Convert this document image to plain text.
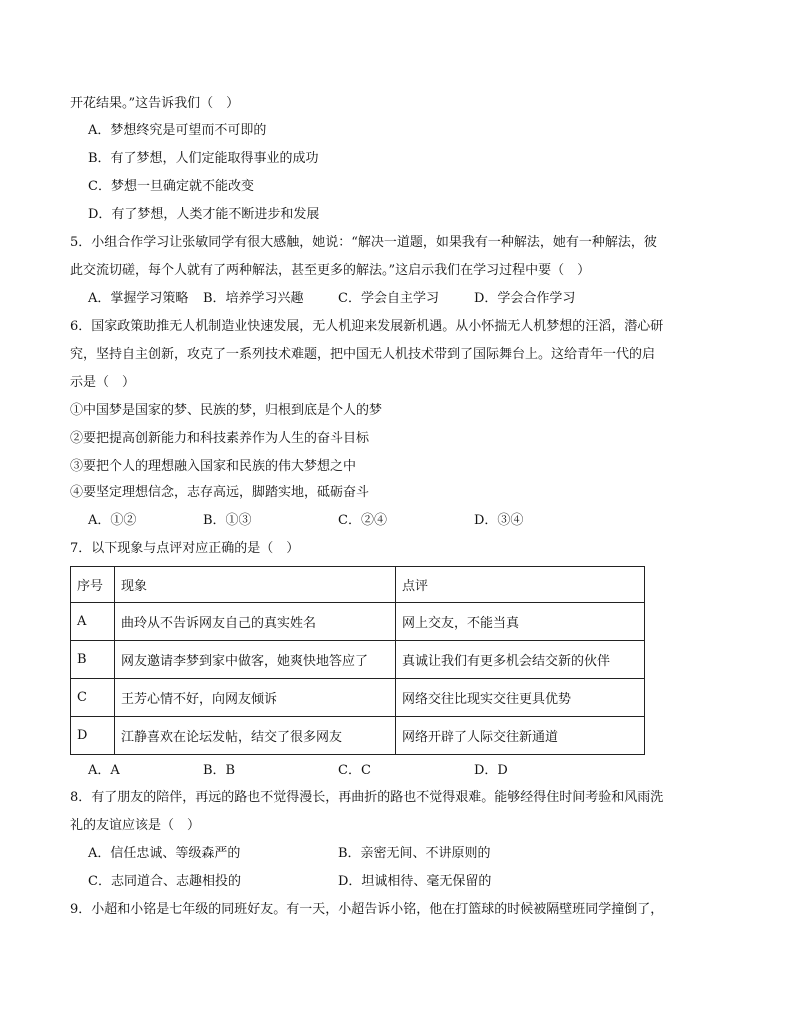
开花结果。”这告诉我们（　）
A．梦想终究是可望而不可即的
B．有了梦想，人们定能取得事业的成功
C．梦想一旦确定就不能改变
D．有了梦想，人类才能不断进步和发展
5．小组合作学习让张敏同学有很大感触，她说：“解决一道题，如果我有一种解法，她有一种解法，彼
此交流切磋，每个人就有了两种解法，甚至更多的解法。”这启示我们在学习过程中要（　）
A．掌握学习策略 B．培养学习兴趣	C．学会自主学习	D．学会合作学习
6．国家政策助推无人机制造业快速发展，无人机迎来发展新机遇。从小怀揣无人机梦想的汪滔，潜心研
究，坚持自主创新，攻克了一系列技术难题，把中国无人机技术带到了国际舞台上。这给青年一代的启
示是（　）
①中国梦是国家的梦、民族的梦，归根到底是个人的梦
②要把提高创新能力和科技素养作为人生的奋斗目标
③要把个人的理想融入国家和民族的伟大梦想之中
④要坚定理想信念，志存高远，脚踏实地，砥砺奋斗
A．①②	B．①③	C．②④	D．③④
7．以下现象与点评对应正确的是（　）
序号	现象	点评
A	曲玲从不告诉网友自己的真实姓名	网上交友，不能当真
B	网友邀请李梦到家中做客，她爽快地答应了	真诚让我们有更多机会结交新的伙伴
C	王芳心情不好，向网友倾诉	网络交往比现实交往更具优势
D	江静喜欢在论坛发帖，结交了很多网友	网络开辟了人际交往新通道
A．A	B．B	C．C	D．D
8．有了朋友的陪伴，再远的路也不觉得漫长，再曲折的路也不觉得艰难。能够经得住时间考验和风雨洗
礼的友谊应该是（　）
A．信任忠诚、等级森严的	B．亲密无间、不讲原则的
C．志同道合、志趣相投的	D．坦诚相待、毫无保留的
9．小超和小铭是七年级的同班好友。有一天，小超告诉小铭，他在打篮球的时候被隔壁班同学撞倒了，
